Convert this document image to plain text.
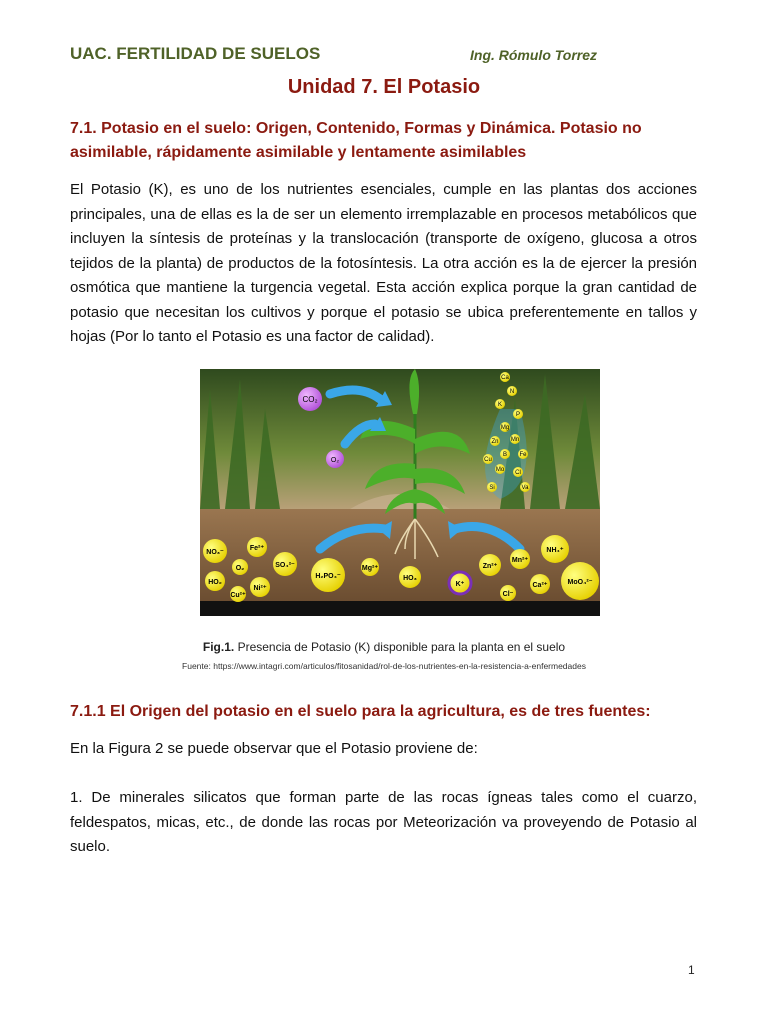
UAC. FERTILIDAD DE SUELOS	Ing. Rómulo Torrez
Unidad 7. El Potasio
7.1. Potasio en el suelo: Origen, Contenido, Formas y Dinámica. Potasio no
asimilable, rápidamente asimilable y lentamente asimilables
El Potasio (K), es uno de los nutrientes esenciales, cumple en las plantas dos acciones principales, una de ellas es la de ser un elemento irremplazable en procesos metabólicos que incluyen la síntesis de proteínas y la translocación (transporte de oxígeno, glucosa a otros tejidos de la planta) de productos de la fotosíntesis. La otra acción es la de ejercer la presión osmótica que mantiene la turgencia vegetal. Esta acción explica porque la gran cantidad de potasio que necesitan los cultivos y porque el potasio se ubica preferentemente en tallos y hojas (Por lo tanto el Potasio es una factor de calidad).
CO₂
O₂
Ca
N
K
P
Mg
Zn Mn
B Fe
Cu
Mo Cl
Si	Va
NO₃⁻
Fe²⁺
SO₄²⁻
O₂
H₂PO₄⁻
Mg²⁺
HO₃
K⁺
Zn²⁺
Mn²⁺
NH₄⁺
HO₂
Ni²⁺
Cu²⁺	Cl⁻
Ca²⁺	MoO₄²⁻
Fig.1. Presencia de Potasio (K) disponible para la planta en el suelo
Fuente: https://www.intagri.com/articulos/fitosanidad/rol-de-los-nutrientes-en-la-resistencia-a-enfermedades
7.1.1 El Origen del potasio en el suelo para la agricultura, es de tres fuentes:
En la Figura 2 se puede observar que el Potasio proviene de:
1. De minerales silicatos que forman parte de las rocas ígneas tales como el cuarzo, feldespatos, micas, etc., de donde las rocas por Meteorización va proveyendo de Potasio al suelo.
1
